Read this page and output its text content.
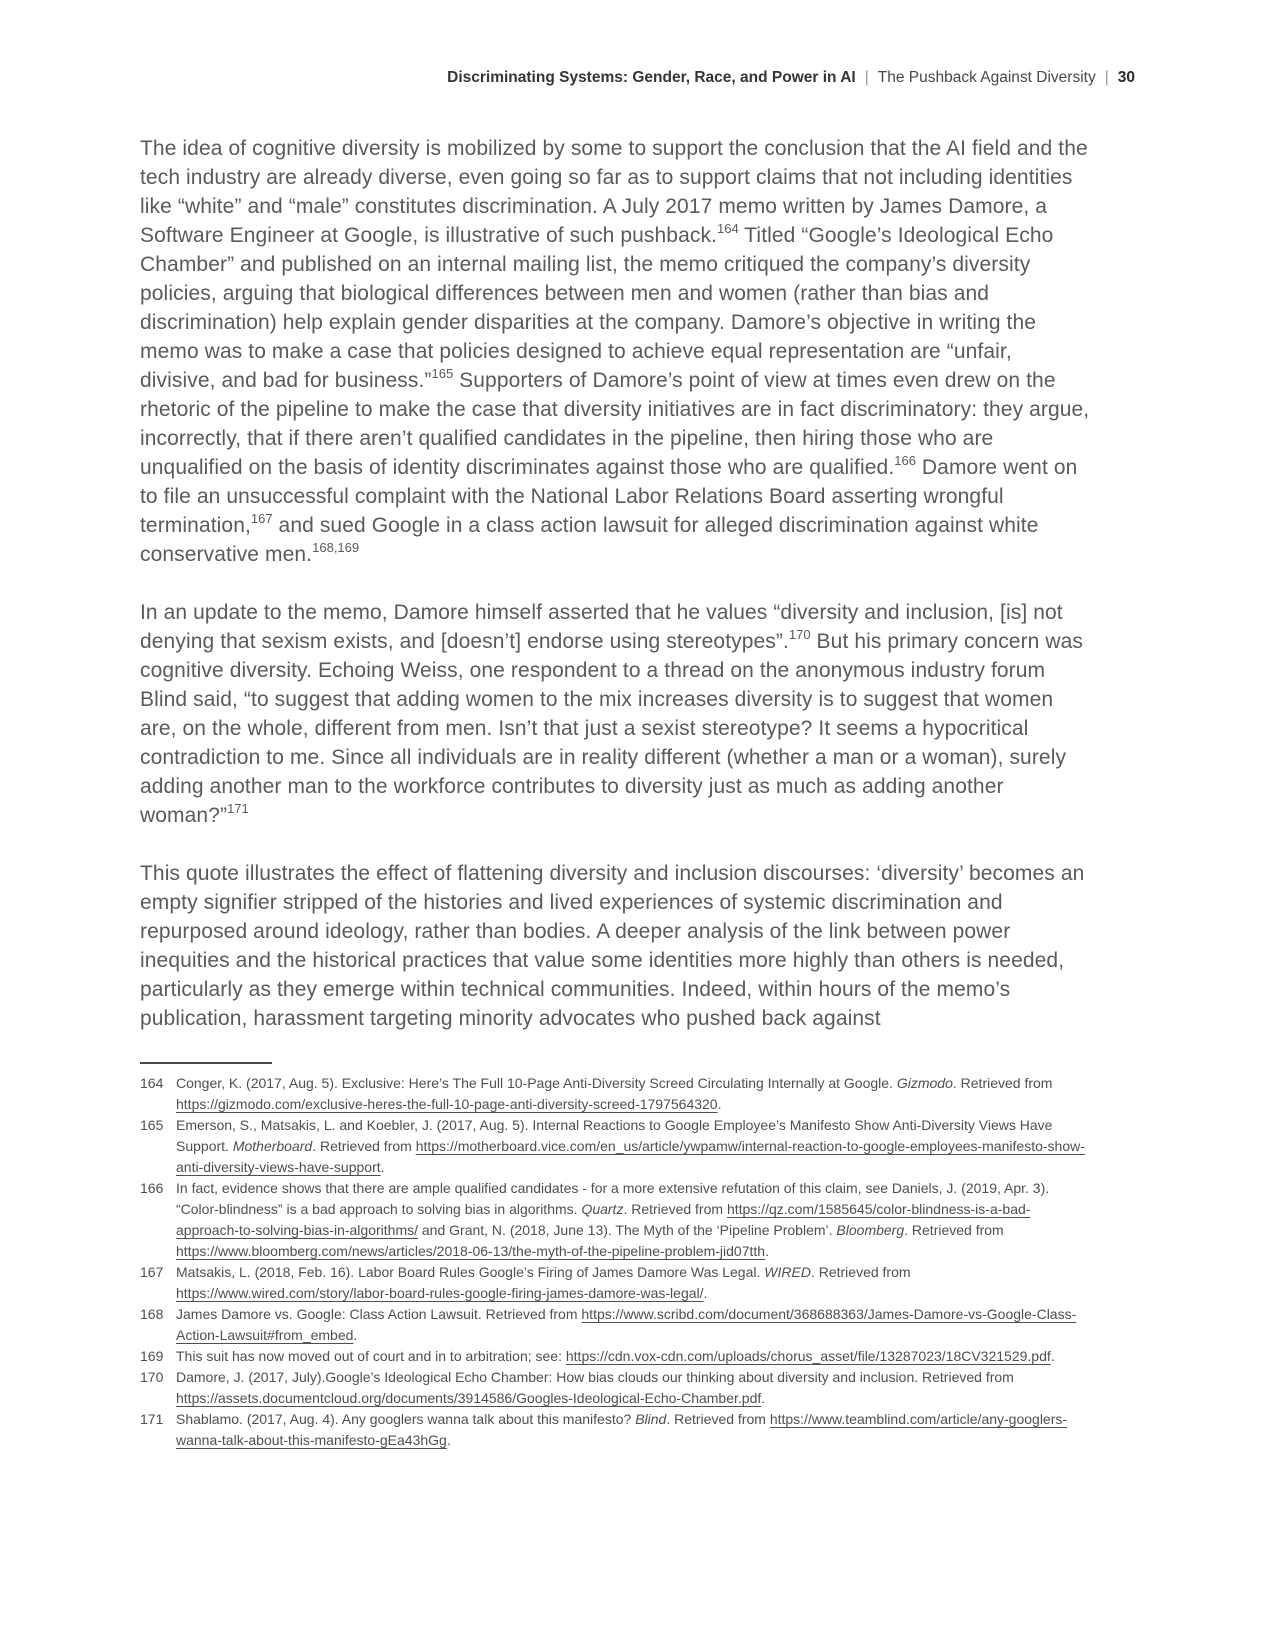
Discriminating Systems: Gender, Race, and Power in AI | The Pushback Against Diversity | 30

The idea of cognitive diversity is mobilized by some to support the conclusion that the AI field and the tech industry are already diverse, even going so far as to support claims that not including identities like “white” and “male” constitutes discrimination. A July 2017 memo written by James Damore, a Software Engineer at Google, is illustrative of such pushback.$^{164}$ Titled “Google’s Ideological Echo Chamber” and published on an internal mailing list, the memo critiqued the company’s diversity policies, arguing that biological differences between men and women (rather than bias and discrimination) help explain gender disparities at the company. Damore’s objective in writing the memo was to make a case that policies designed to achieve equal representation are “unfair, divisive, and bad for business.”$^{165}$ Supporters of Damore’s point of view at times even drew on the rhetoric of the pipeline to make the case that diversity initiatives are in fact discriminatory: they argue, incorrectly, that if there aren’t qualified candidates in the pipeline, then hiring those who are unqualified on the basis of identity discriminates against those who are qualified.$^{166}$ Damore went on to file an unsuccessful complaint with the National Labor Relations Board asserting wrongful termination,$^{167}$ and sued Google in a class action lawsuit for alleged discrimination against white conservative men.$^{168,169}$

In an update to the memo, Damore himself asserted that he values “diversity and inclusion, [is] not denying that sexism exists, and [doesn’t] endorse using stereotypes”.$^{170}$ But his primary concern was cognitive diversity. Echoing Weiss, one respondent to a thread on the anonymous industry forum Blind said, “to suggest that adding women to the mix increases diversity is to suggest that women are, on the whole, different from men. Isn’t that just a sexist stereotype? It seems a hypocritical contradiction to me. Since all individuals are in reality different (whether a man or a woman), surely adding another man to the workforce contributes to diversity just as much as adding another woman?”$^{171}$

This quote illustrates the effect of flattening diversity and inclusion discourses: ‘diversity’ becomes an empty signifier stripped of the histories and lived experiences of systemic discrimination and repurposed around ideology, rather than bodies. A deeper analysis of the link between power inequities and the historical practices that value some identities more highly than others is needed, particularly as they emerge within technical communities. Indeed, within hours of the memo’s publication, harassment targeting minority advocates who pushed back against

164 Conger, K. (2017, Aug. 5). Exclusive: Here’s The Full 10-Page Anti-Diversity Screed Circulating Internally at Google. Gizmodo. Retrieved from https://gizmodo.com/exclusive-heres-the-full-10-page-anti-diversity-screed-1797564320.
165 Emerson, S., Matsakis, L. and Koebler, J. (2017, Aug. 5). Internal Reactions to Google Employee’s Manifesto Show Anti-Diversity Views Have Support. Motherboard. Retrieved from https://motherboard.vice.com/en_us/article/ywpamw/internal-reaction-to-google-employees-manifesto-show-anti-diversity-views-have-support.
166 In fact, evidence shows that there are ample qualified candidates - for a more extensive refutation of this claim, see Daniels, J. (2019, Apr. 3). “Color-blindness” is a bad approach to solving bias in algorithms. Quartz. Retrieved from https://qz.com/1585645/color-blindness-is-a-bad-approach-to-solving-bias-in-algorithms/ and Grant, N. (2018, June 13). The Myth of the ‘Pipeline Problem’. Bloomberg. Retrieved from https://www.bloomberg.com/news/articles/2018-06-13/the-myth-of-the-pipeline-problem-jid07tth.
167 Matsakis, L. (2018, Feb. 16). Labor Board Rules Google’s Firing of James Damore Was Legal. WIRED. Retrieved from https://www.wired.com/story/labor-board-rules-google-firing-james-damore-was-legal/.
168 James Damore vs. Google: Class Action Lawsuit. Retrieved from https://www.scribd.com/document/368688363/James-Damore-vs-Google-Class-Action-Lawsuit#from_embed.
169 This suit has now moved out of court and in to arbitration; see: https://cdn.vox-cdn.com/uploads/chorus_asset/file/13287023/18CV321529.pdf.
170 Damore, J. (2017, July).Google’s Ideological Echo Chamber: How bias clouds our thinking about diversity and inclusion. Retrieved from https://assets.documentcloud.org/documents/3914586/Googles-Ideological-Echo-Chamber.pdf.
171 Shablamo. (2017, Aug. 4). Any googlers wanna talk about this manifesto? Blind. Retrieved from https://www.teamblind.com/article/any-googlers-wanna-talk-about-this-manifesto-gEa43hGg.
